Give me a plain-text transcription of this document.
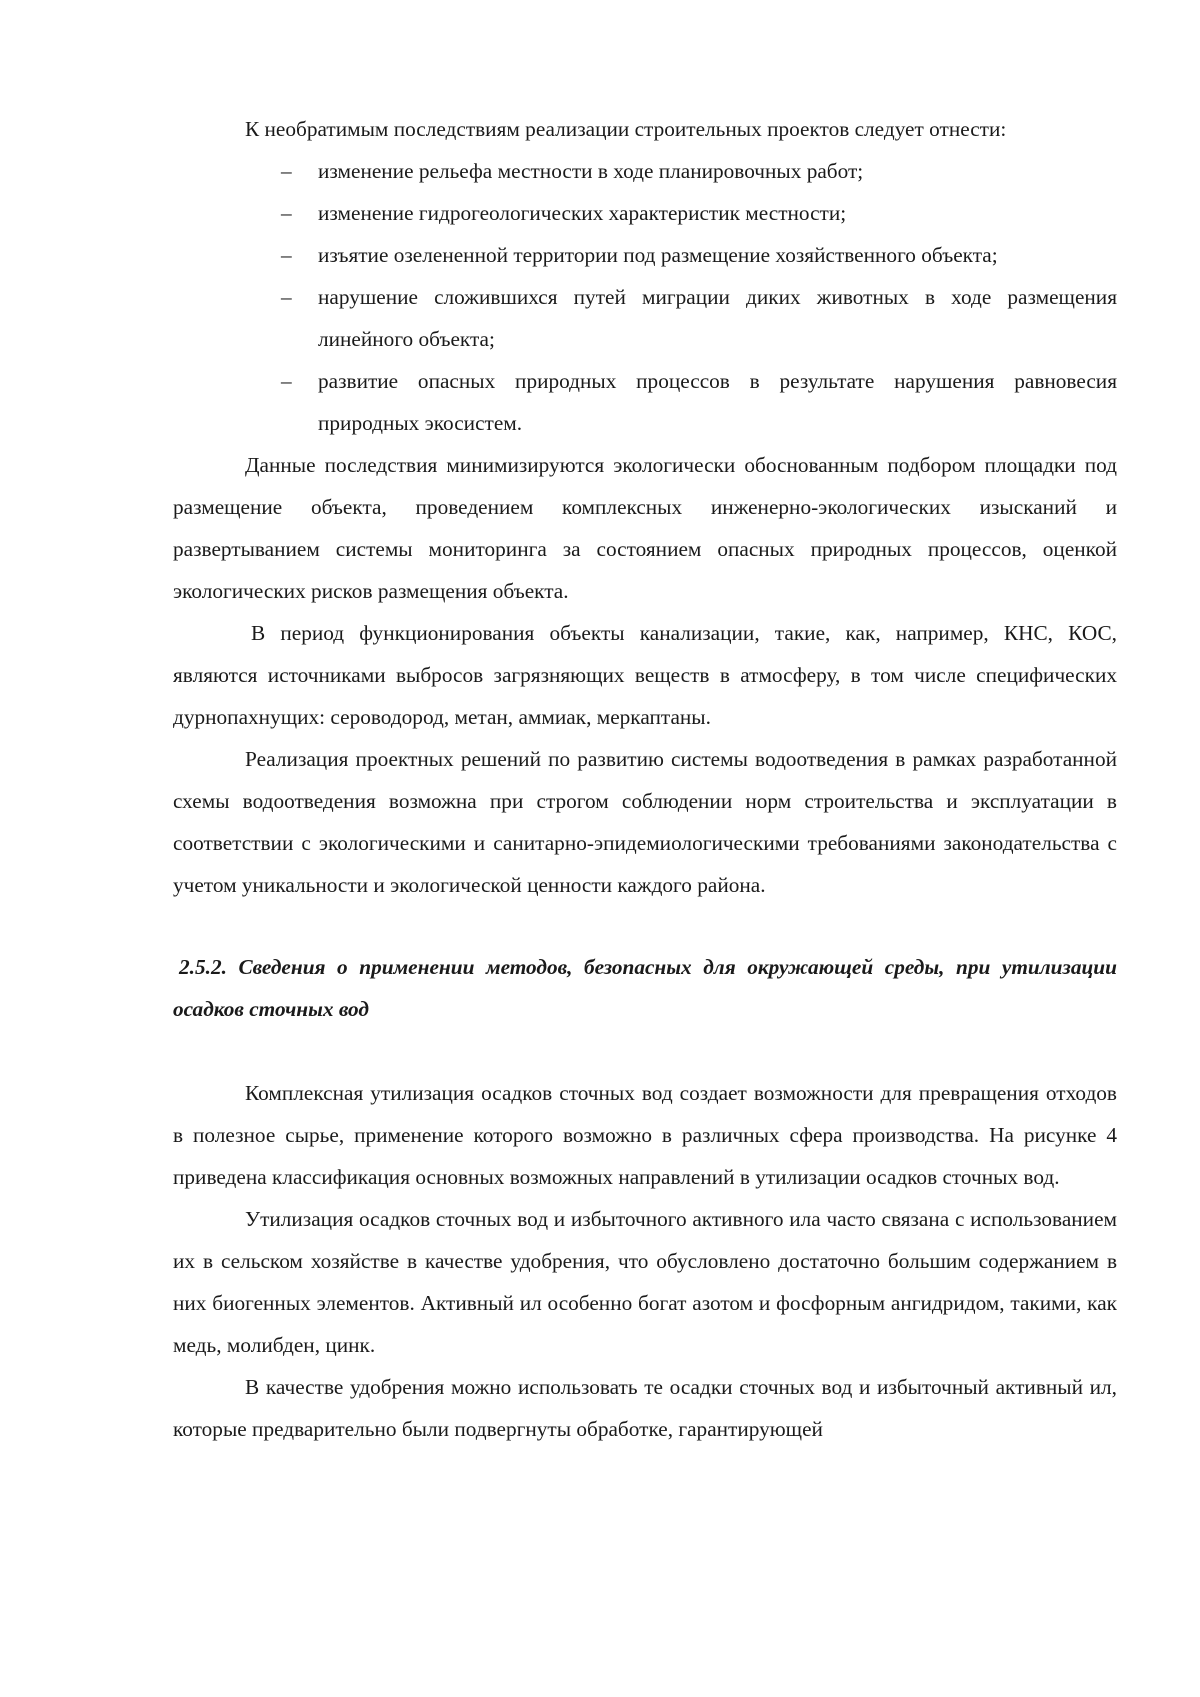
К необратимым последствиям реализации строительных проектов следует отнести:

– изменение рельефа местности в ходе планировочных работ;
– изменение гидрогеологических характеристик местности;
– изъятие озелененной территории под размещение хозяйственного объекта;
– нарушение сложившихся путей миграции диких животных в ходе размещения линейного объекта;
– развитие опасных природных процессов в результате нарушения равновесия природных экосистем.

Данные последствия минимизируются экологически обоснованным подбором площадки под размещение объекта, проведением комплексных инженерно-экологических изысканий и развертыванием системы мониторинга за состоянием опасных природных процессов, оценкой экологических рисков размещения объекта.

В период функционирования объекты канализации, такие, как, например, КНС, КОС, являются источниками выбросов загрязняющих веществ в атмосферу, в том числе специфических дурнопахнущих: сероводород, метан, аммиак, меркаптаны.

Реализация проектных решений по развитию системы водоотведения в рамках разработанной схемы водоотведения возможна при строгом соблюдении норм строительства и эксплуатации в соответствии с экологическими и санитарно-эпидемиологическими требованиями законодательства с учетом уникальности и экологической ценности каждого района.

2.5.2. Сведения о применении методов, безопасных для окружающей среды, при утилизации осадков сточных вод

Комплексная утилизация осадков сточных вод создает возможности для превращения отходов в полезное сырье, применение которого возможно в различных сфера производства. На рисунке 4 приведена классификация основных возможных направлений в утилизации осадков сточных вод.

Утилизация осадков сточных вод и избыточного активного ила часто связана с использованием их в сельском хозяйстве в качестве удобрения, что обусловлено достаточно большим содержанием в них биогенных элементов. Активный ил особенно богат азотом и фосфорным ангидридом, такими, как медь, молибден, цинк.

В качестве удобрения можно использовать те осадки сточных вод и избыточный активный ил, которые предварительно были подвергнуты обработке, гарантирующей
